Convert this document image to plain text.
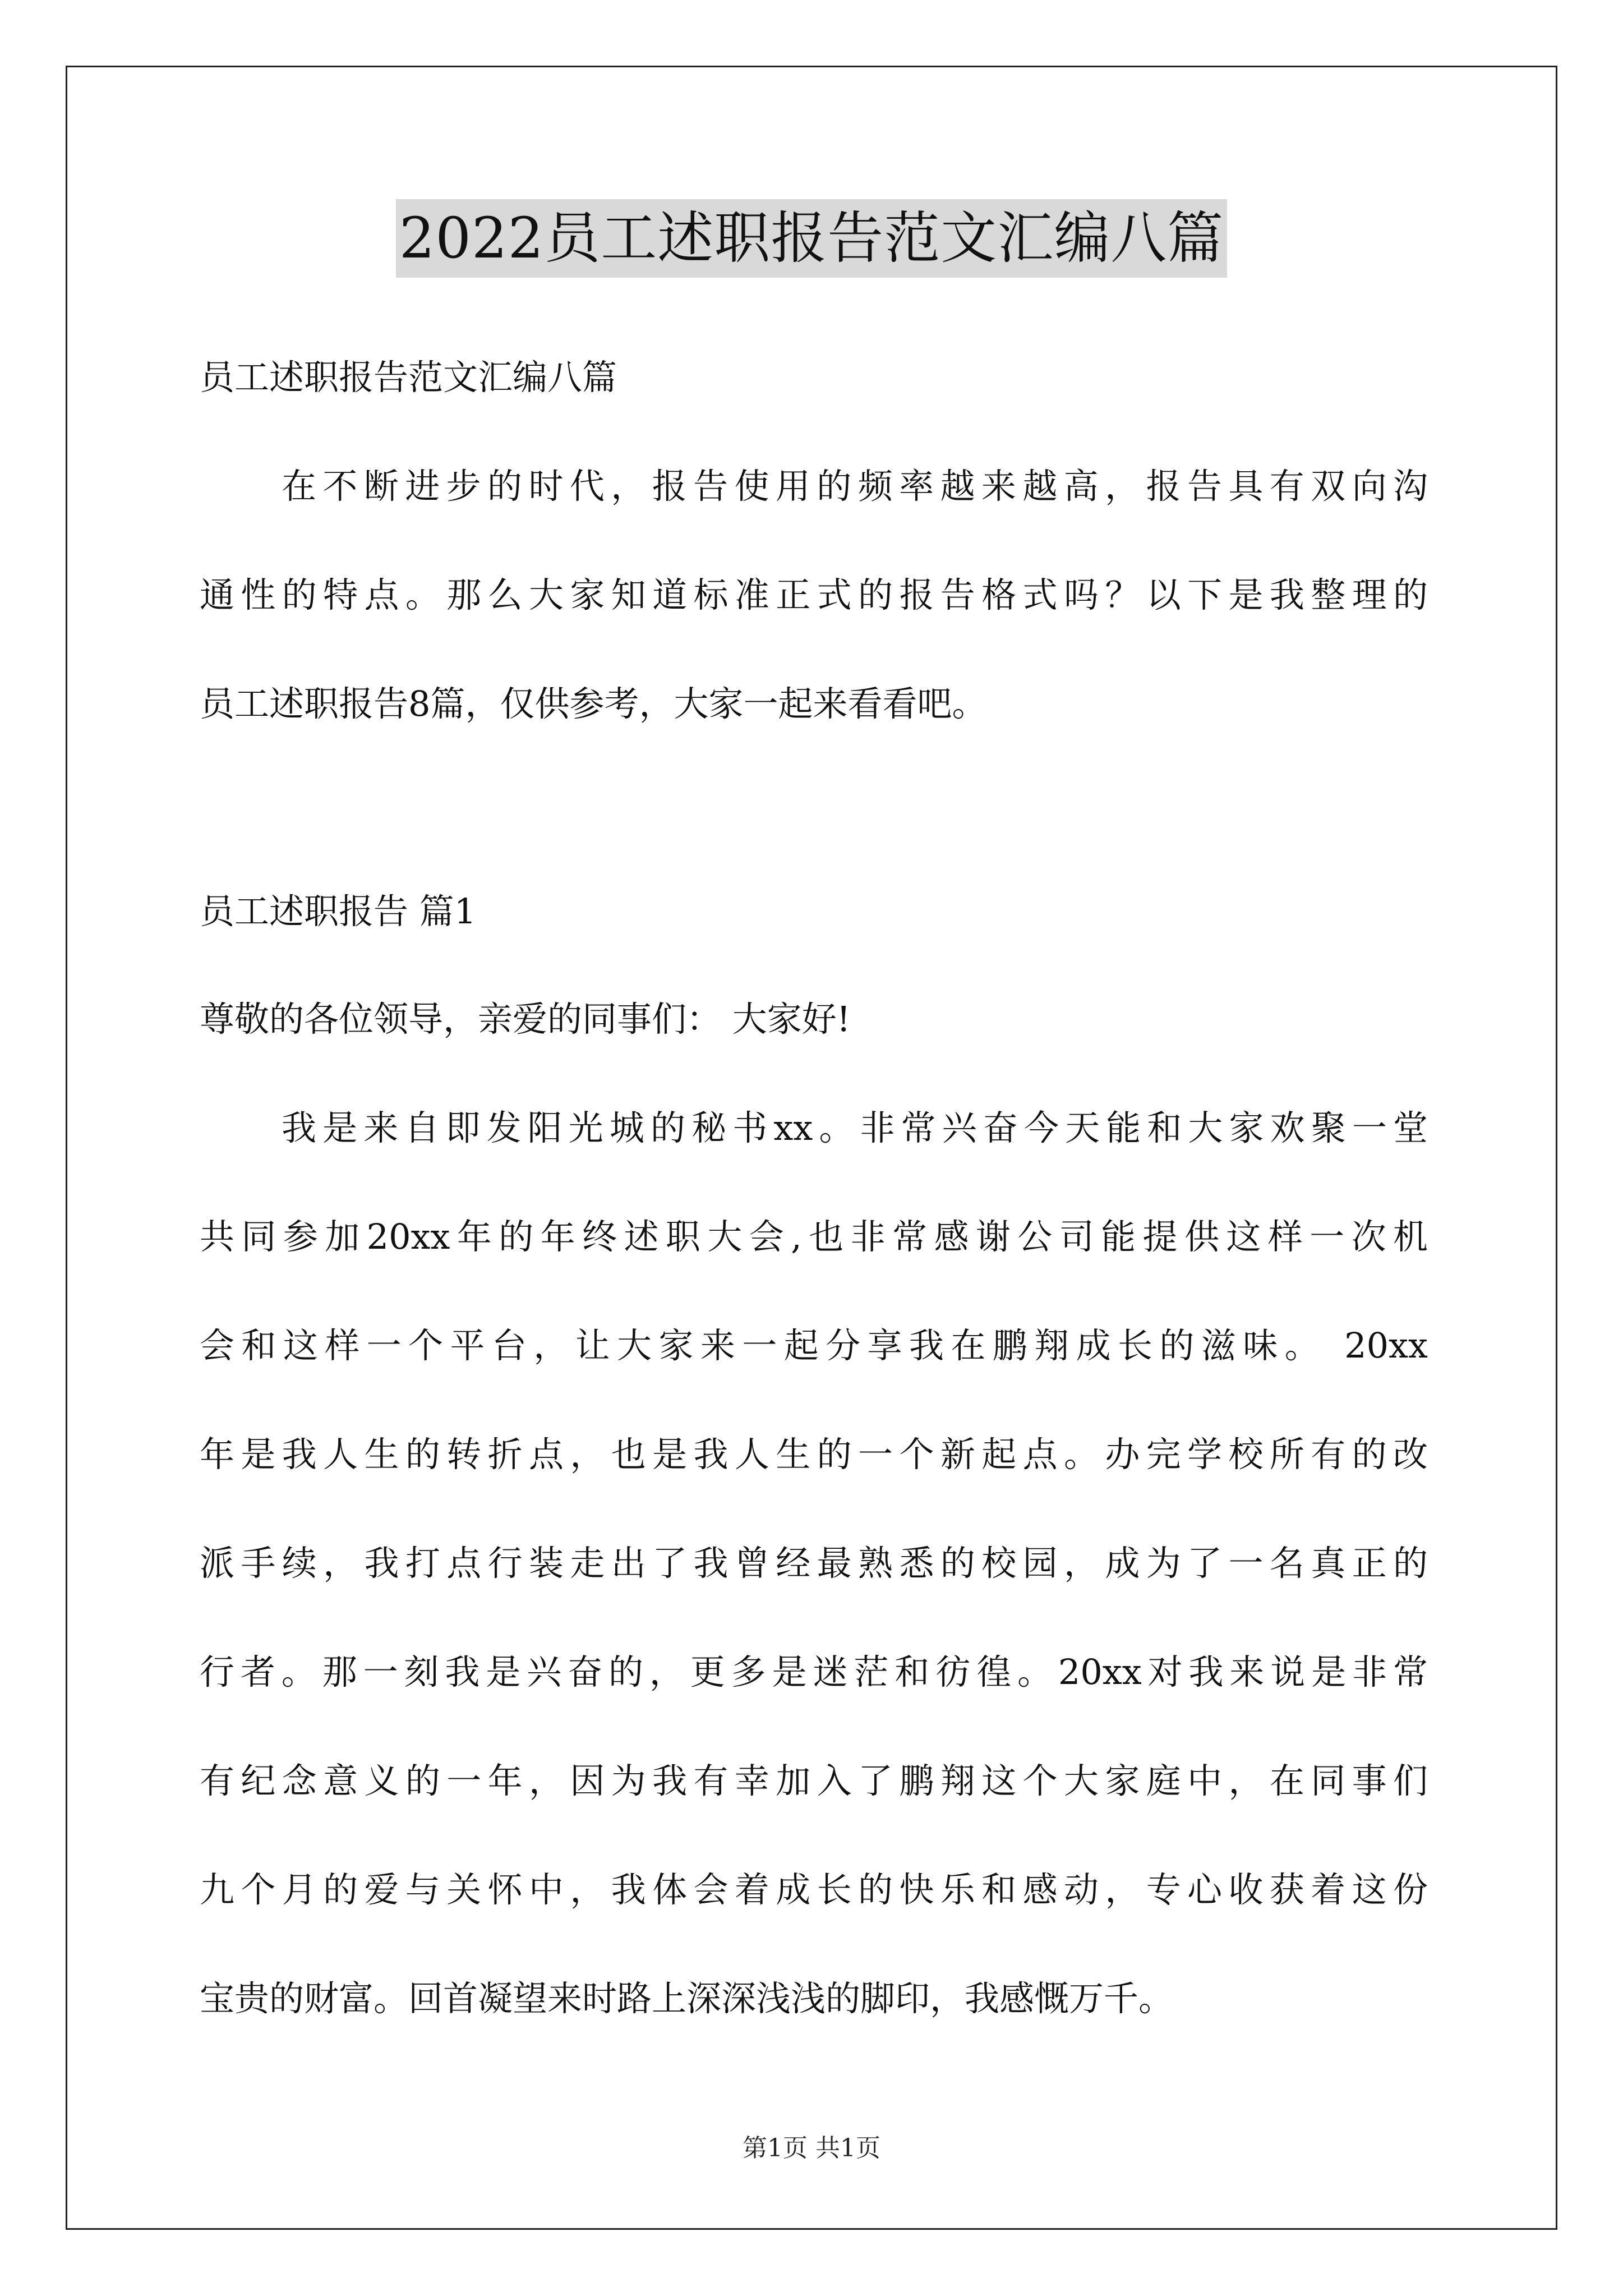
2022员工述职报告范文汇编八篇
员工述职报告范文汇编八篇
在不断进步的时代，报告使用的频率越来越高，报告具有双向沟
通性的特点。那么大家知道标准正式的报告格式吗？以下是我整理的
员工述职报告8篇，仅供参考，大家一起来看看吧。
员工述职报告 篇1
尊敬的各位领导，亲爱的同事们： 大家好!
我是来自即发阳光城的秘书xx。非常兴奋今天能和大家欢聚一堂
共同参加20xx年的年终述职大会,也非常感谢公司能提供这样一次机
会和这样一个平台，让大家来一起分享我在鹏翔成长的滋味。 20xx
年是我人生的转折点，也是我人生的一个新起点。办完学校所有的改
派手续，我打点行装走出了我曾经最熟悉的校园，成为了一名真正的
行者。那一刻我是兴奋的，更多是迷茫和彷徨。20xx对我来说是非常
有纪念意义的一年，因为我有幸加入了鹏翔这个大家庭中，在同事们
九个月的爱与关怀中，我体会着成长的快乐和感动，专心收获着这份
宝贵的财富。回首凝望来时路上深深浅浅的脚印，我感慨万千。
第1页 共1页
